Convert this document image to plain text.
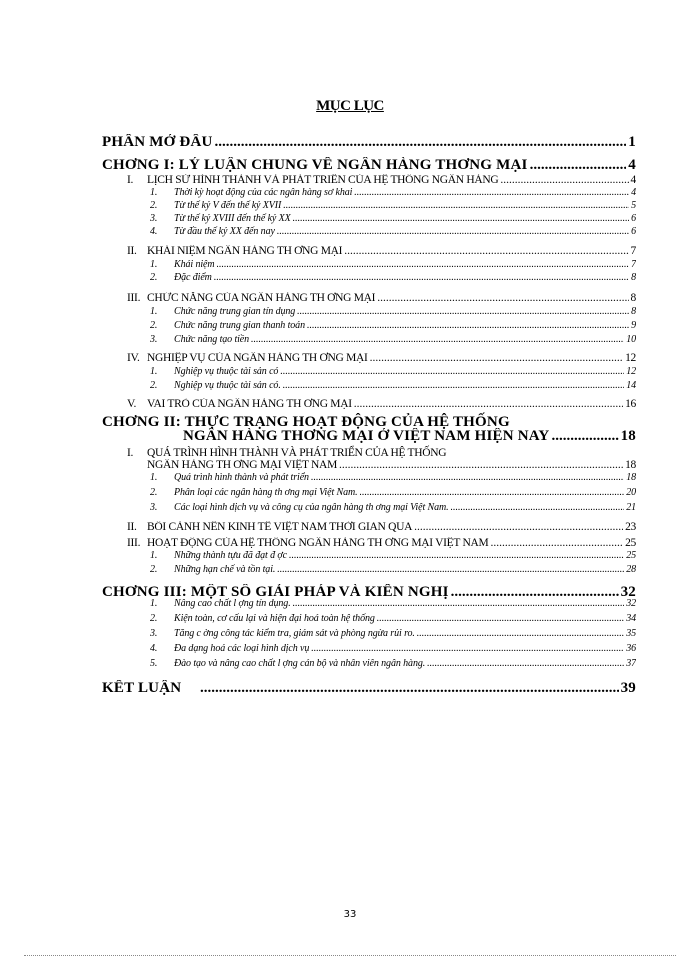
MỤC LỤC
PHẦN MỞ ĐẦU .....	1
CHƠNG I: LÝ LUẬN CHUNG VỀ NGÂN HÀNG THƠNG MẠI .....	4
I. LỊCH SỬ HÌNH THÀNH VÀ PHÁT TRIỂN CỦA HỆ THỐNG NGÂN HÀNG .....	4
1. Thời kỳ hoạt động của các ngân hàng sơ khai .....	4
2. Từ thế kỷ V đến thế kỷ XVII .....	5
3. Từ thế kỷ XVIII đến thế kỷ XX .....	6
4. Từ đầu thế kỷ XX đến nay .....	6
II. KHÁI NIỆM NGÂN HÀNG TH ƠNG MẠI .....	7
1. Khái niệm .....	7
2. Đặc điểm .....	8
III. CHỨC NĂNG CỦA NGÂN HÀNG TH ƠNG MẠI .....	8
1. Chức năng trung gian tín dụng .....	8
2. Chức năng trung gian thanh toán .....	9
3. Chức năng tạo tiền .....	10
IV. NGHIỆP VỤ CỦA NGÂN HÀNG TH ƠNG MẠI .....	12
1. Nghiệp vụ thuộc tài sản có .....	12
2. Nghiệp vụ thuộc tài sản có. .....	14
V. VAI TRÒ CỦA NGÂN HÀNG TH ƠNG MẠI .....	16
CHƠNG II: THỰC TRẠNG HOẠT ĐỘNG CỦA HỆ THỐNG
NGÂN HÀNG THƠNG MẠI Ở VIỆT NAM HIỆN NAY .....	18
I. QUÁ TRÌNH HÌNH THÀNH VÀ PHÁT TRIỂN CỦA HỆ THỐNG
NGÂN HÀNG TH ƠNG MẠI VIỆT NAM .....	18
1. Quá trình hình thành và phát triển .....	18
2. Phân loại các ngân hàng th ơng mại Việt Nam. .....	20
3. Các loại hình dịch vụ và công cụ của ngân hàng th ơng mại Việt Nam. .....	21
II. BỐI CẢNH NỀN KINH TẾ VIỆT NAM THỜI GIAN QUA .....	23
III. HOẠT ĐỘNG CỦA HỆ THỐNG NGÂN HÀNG TH ƠNG MẠI VIỆT NAM .....	25
1. Những thành tựu đã đạt đ ợc .....	25
2. Những hạn chế và tồn tại. .....	28
CHƠNG III: MỘT SỐ GIẢI PHÁP VÀ KIẾN NGHỊ .....	32
1. Nâng cao chất l ợng tín dụng. .....	32
2. Kiện toàn, cơ cấu lại và hiện đại hoá toàn hệ thống .....	34
3. Tăng c ờng công tác kiểm tra, giám sát và phòng ngừa rủi ro. .....	35
4. Đa dạng hoá các loại hình dịch vụ .....	36
5. Đào tạo và nâng cao chất l ợng cán bộ và nhân viên ngân hàng. .....	37
KẾT LUẬN .....	39
33
